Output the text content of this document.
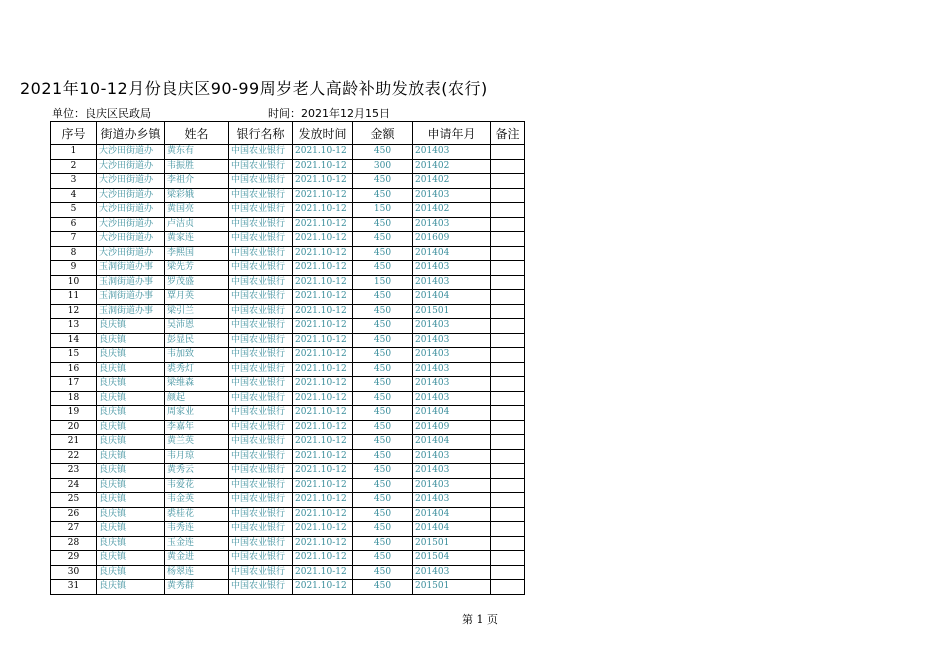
2021年10-12月份良庆区90-99周岁老人高龄补助发放表(农行)
单位：良庆区民政局	时间：2021年12月15日
序号	街道办乡镇	姓名	银行名称	发放时间	金额	申请年月	备注
1	大沙田街道办	黄东有	中国农业银行	2021.10-12	450	201403	
2	大沙田街道办	韦振胜	中国农业银行	2021.10-12	300	201402	
3	大沙田街道办	李祖介	中国农业银行	2021.10-12	450	201402	
4	大沙田街道办	梁彩娥	中国农业银行	2021.10-12	450	201403	
5	大沙田街道办	黄国亮	中国农业银行	2021.10-12	150	201402	
6	大沙田街道办	卢洁贞	中国农业银行	2021.10-12	450	201403	
7	大沙田街道办	黄家连	中国农业银行	2021.10-12	450	201609	
8	大沙田街道办	李熙国	中国农业银行	2021.10-12	450	201404	
9	玉洞街道办事	梁先芳	中国农业银行	2021.10-12	450	201403	
10	玉洞街道办事	罗茂盛	中国农业银行	2021.10-12	150	201403	
11	玉洞街道办事	覃月英	中国农业银行	2021.10-12	450	201404	
12	玉洞街道办事	梁引兰	中国农业银行	2021.10-12	450	201501	
13	良庆镇	吴沛恩	中国农业银行	2021.10-12	450	201403	
14	良庆镇	彭显民	中国农业银行	2021.10-12	450	201403	
15	良庆镇	韦加致	中国农业银行	2021.10-12	450	201403	
16	良庆镇	裘秀灯	中国农业银行	2021.10-12	450	201403	
17	良庆镇	梁维森	中国农业银行	2021.10-12	450	201403	
18	良庆镇	颜起	中国农业银行	2021.10-12	450	201403	
19	良庆镇	周家业	中国农业银行	2021.10-12	450	201404	
20	良庆镇	李嘉年	中国农业银行	2021.10-12	450	201409	
21	良庆镇	黄兰英	中国农业银行	2021.10-12	450	201404	
22	良庆镇	韦月琼	中国农业银行	2021.10-12	450	201403	
23	良庆镇	黄秀云	中国农业银行	2021.10-12	450	201403	
24	良庆镇	韦爱花	中国农业银行	2021.10-12	450	201403	
25	良庆镇	韦金英	中国农业银行	2021.10-12	450	201403	
26	良庆镇	裘桂花	中国农业银行	2021.10-12	450	201404	
27	良庆镇	韦秀连	中国农业银行	2021.10-12	450	201404	
28	良庆镇	玉金连	中国农业银行	2021.10-12	450	201501	
29	良庆镇	黄金进	中国农业银行	2021.10-12	450	201504	
30	良庆镇	杨翠连	中国农业银行	2021.10-12	450	201403	
31	良庆镇	黄秀群	中国农业银行	2021.10-12	450	201501	
第 1 页
